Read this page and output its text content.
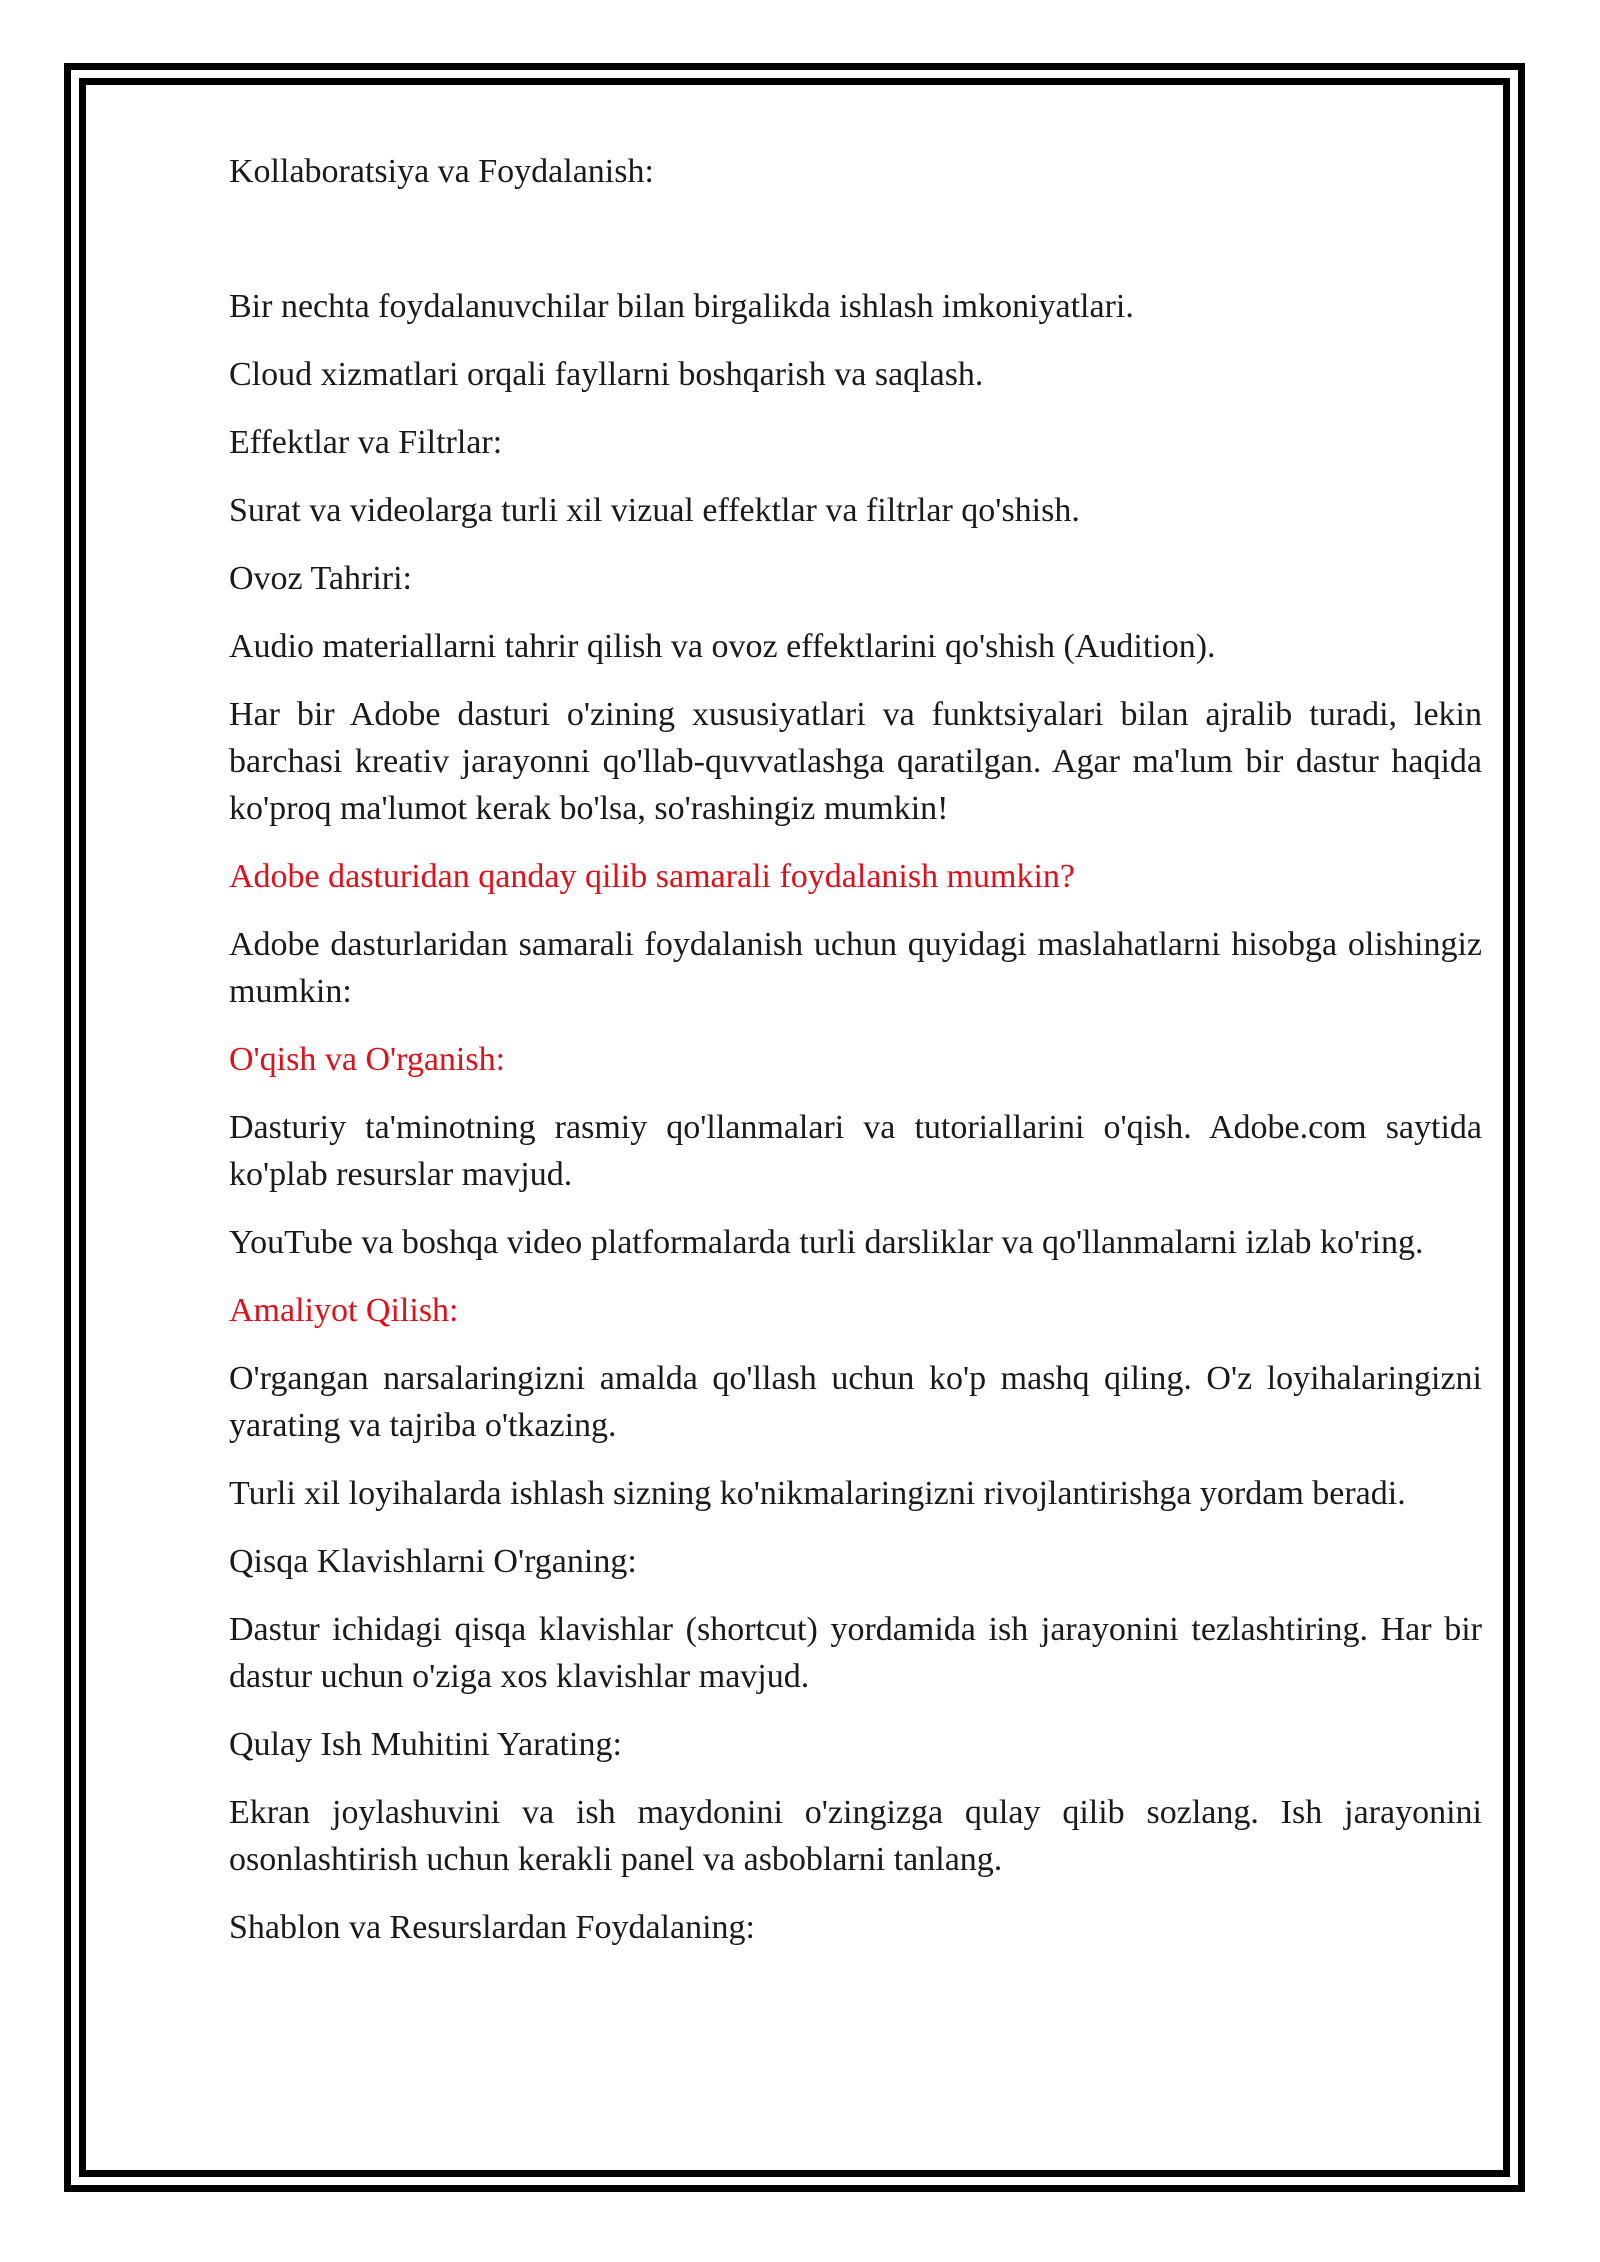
Kollaboratsiya va Foydalanish:

Bir nechta foydalanuvchilar bilan birgalikda ishlash imkoniyatlari.

Cloud xizmatlari orqali fayllarni boshqarish va saqlash.

Effektlar va Filtrlar:

Surat va videolarga turli xil vizual effektlar va filtrlar qo'shish.

Ovoz Tahriri:

Audio materiallarni tahrir qilish va ovoz effektlarini qo'shish (Audition).

Har bir Adobe dasturi o'zining xususiyatlari va funktsiyalari bilan ajralib turadi, lekin barchasi kreativ jarayonni qo'llab-quvvatlashga qaratilgan. Agar ma'lum bir dastur haqida ko'proq ma'lumot kerak bo'lsa, so'rashingiz mumkin!

Adobe dasturidan qanday qilib samarali foydalanish mumkin?

Adobe dasturlaridan samarali foydalanish uchun quyidagi maslahatlarni hisobga olishingiz mumkin:

O'qish va O'rganish:

Dasturiy ta'minotning rasmiy qo'llanmalari va tutoriallarini o'qish. Adobe.com saytida ko'plab resurslar mavjud.

YouTube va boshqa video platformalarda turli darsliklar va qo'llanmalarni izlab ko'ring.

Amaliyot Qilish:

O'rgangan narsalaringizni amalda qo'llash uchun ko'p mashq qiling. O'z loyihalaringizni yarating va tajriba o'tkazing.

Turli xil loyihalarda ishlash sizning ko'nikmalaringizni rivojlantirishga yordam beradi.

Qisqa Klavishlarni O'rganing:

Dastur ichidagi qisqa klavishlar (shortcut) yordamida ish jarayonini tezlashtiring. Har bir dastur uchun o'ziga xos klavishlar mavjud.

Qulay Ish Muhitini Yarating:

Ekran joylashuvini va ish maydonini o'zingizga qulay qilib sozlang. Ish jarayonini osonlashtirish uchun kerakli panel va asboblarni tanlang.

Shablon va Resurslardan Foydalaning:
